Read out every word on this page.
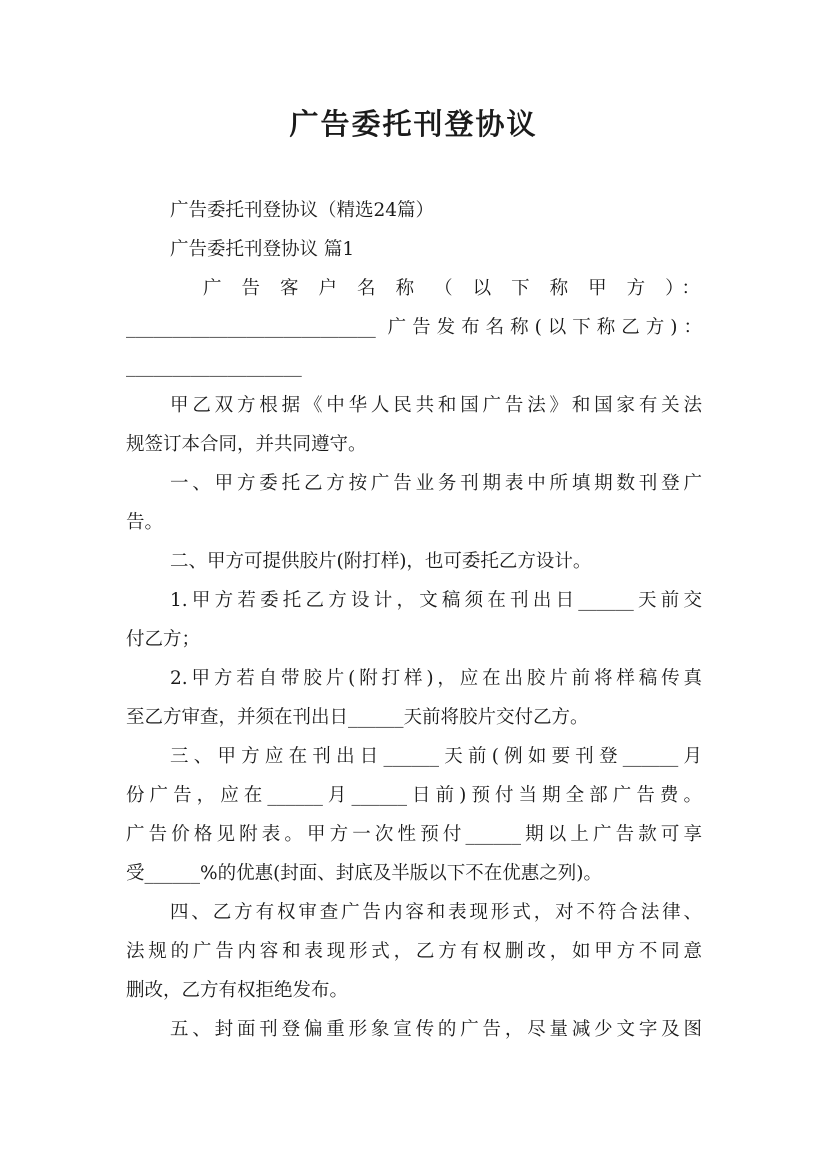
广告委托刊登协议
广告委托刊登协议（精选24篇）
广告委托刊登协议 篇1
广 告 客 户 名 称 （ 以 下 称 甲 方 ）：
___________________________ 广告发布名称(以下称乙方)：
___________________
甲乙双方根据《中华人民共和国广告法》和国家有关法
规签订本合同，并共同遵守。
一、甲方委托乙方按广告业务刊期表中所填期数刊登广
告。
二、甲方可提供胶片(附打样)，也可委托乙方设计。
1.甲方若委托乙方设计，文稿须在刊出日______天前交
付乙方；
2.甲方若自带胶片(附打样)，应在出胶片前将样稿传真
至乙方审查，并须在刊出日______天前将胶片交付乙方。
三、甲方应在刊出日______天前(例如要刊登______月
份广告，应在______月______日前)预付当期全部广告费。
广告价格见附表。甲方一次性预付______期以上广告款可享
受______%的优惠(封面、封底及半版以下不在优惠之列)。
四、乙方有权审查广告内容和表现形式，对不符合法律、
法规的广告内容和表现形式，乙方有权删改，如甲方不同意
删改，乙方有权拒绝发布。
五、封面刊登偏重形象宣传的广告，尽量减少文字及图
